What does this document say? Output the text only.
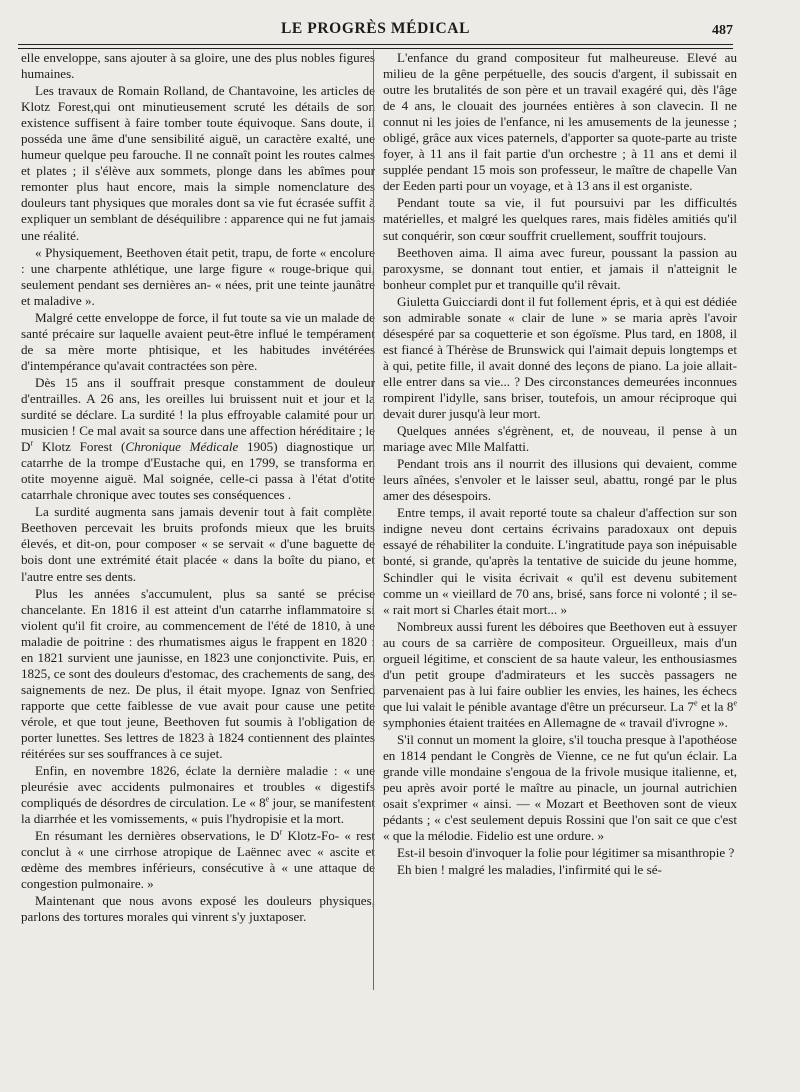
LE PROGRÈS MÉDICAL	487

elle enveloppe, sans ajouter à sa gloire, une des plus nobles figures humaines.

Les travaux de Romain Rolland, de Chantavoine, les articles de Klotz Forest,qui ont minutieusement scruté les détails de son existence suffisent à faire tomber toute équivoque. Sans doute, il posséda une âme d'une sensibilité aiguë, un caractère exalté, une humeur quelque peu farouche. Il ne connaît point les routes calmes et plates ; il s'élève aux sommets, plonge dans les abîmes pour remonter plus haut encore, mais la simple nomenclature des douleurs tant physiques que morales dont sa vie fut écrasée suffit à expliquer un semblant de déséquilibre : apparence qui ne fut jamais une réalité.

« Physiquement, Beethoven était petit, trapu, de forte « encolure : une charpente athlétique, une large figure « rouge-brique qui, seulement pendant ses dernières an- « nées, prit une teinte jaunâtre et maladive ».

Malgré cette enveloppe de force, il fut toute sa vie un malade de santé précaire sur laquelle avaient peut-être influé le tempérament de sa mère morte phtisique, et les habitudes invétérées d'intempérance qu'avait contractées son père.

Dès 15 ans il souffrait presque constamment de douleur d'entrailles. A 26 ans, les oreilles lui bruissent nuit et jour et la surdité se déclare. La surdité ! la plus effroyable calamité pour un musicien ! Ce mal avait sa source dans une affection héréditaire ; le $D^r$ Klotz Forest (Chronique Médicale 1905) diagnostique un catarrhe de la trompe d'Eustache qui, en 1799, se transforma en otite moyenne aiguë. Mal soignée, celle-ci passa à l'état d'otite catarrhale chronique avec toutes ses conséquences .

La surdité augmenta sans jamais devenir tout à fait complète. Beethoven percevait les bruits profonds mieux que les bruits élevés, et dit-on, pour composer « se servait « d'une baguette de bois dont une extrémité était placée « dans la boîte du piano, et l'autre entre ses dents.

Plus les années s'accumulent, plus sa santé se précise chancelante. En 1816 il est atteint d'un catarrhe inflammatoire si violent qu'il fit croire, au commencement de l'été de 1810, à une maladie de poitrine : des rhumatismes aigus le frappent en 1820 : en 1821 survient une jaunisse, en 1823 une conjonctivite. Puis, en 1825, ce sont des douleurs d'estomac, des crachements de sang, des saignements de nez. De plus, il était myope. Ignaz von Senfried rapporte que cette faiblesse de vue avait pour cause une petite vérole, et que tout jeune, Beethoven fut soumis à l'obligation de porter lunettes. Ses lettres de 1823 à 1824 contiennent des plaintes réitérées sur ses souffrances à ce sujet.

Enfin, en novembre 1826, éclate la dernière maladie : « une pleurésie avec accidents pulmonaires et troubles « digestifs compliqués de désordres de circulation. Le « 8e jour, se manifestent la diarrhée et les vomissements, « puis l'hydropisie et la mort.

En résumant les dernières observations, le $D^r$ Klotz-Fo- « rest conclut à « une cirrhose atropique de Laënnec avec « ascite et œdème des membres inférieurs, consécutive à « une attaque de congestion pulmonaire. »

Maintenant que nous avons exposé les douleurs physiques, parlons des tortures morales qui vinrent s'y juxtaposer.

L'enfance du grand compositeur fut malheureuse. Elevé au milieu de la gêne perpétuelle, des soucis d'argent, il subissait en outre les brutalités de son père et un travail exagéré qui, dès l'âge de 4 ans, le clouait des journées entières à son clavecin. Il ne connut ni les joies de l'enfance, ni les amusements de la jeunesse ; obligé, grâce aux vices paternels, d'apporter sa quote-parte au triste foyer, à 11 ans il fait partie d'un orchestre ; à 11 ans et demi il supplée pendant 15 mois son professeur, le maître de chapelle Van der Eeden parti pour un voyage, et à 13 ans il est organiste.

Pendant toute sa vie, il fut poursuivi par les difficultés matérielles, et malgré les quelques rares, mais fidèles amitiés qu'il sut conquérir, son cœur souffrit cruellement, souffrit toujours.

Beethoven aima. Il aima avec fureur, poussant la passion au paroxysme, se donnant tout entier, et jamais il n'atteignit le bonheur complet pur et tranquille qu'il rêvait.

Giuletta Guicciardi dont il fut follement épris, et à qui est dédiée son admirable sonate « clair de lune » se maria après l'avoir désespéré par sa coquetterie et son égoïsme. Plus tard, en 1808, il est fiancé à Thérèse de Brunswick qui l'aimait depuis longtemps et à qui, petite fille, il avait donné des leçons de piano. La joie allait-elle entrer dans sa vie... ? Des circonstances demeurées inconnues rompirent l'idylle, sans briser, toutefois, un amour réciproque qui devait durer jusqu'à leur mort.

Quelques années s'égrènent, et, de nouveau, il pense à un mariage avec Mlle Malfatti.

Pendant trois ans il nourrit des illusions qui devaient, comme leurs aînées, s'envoler et le laisser seul, abattu, rongé par le plus amer des désespoirs.

Entre temps, il avait reporté toute sa chaleur d'affection sur son indigne neveu dont certains écrivains paradoxaux ont depuis essayé de réhabiliter la conduite. L'ingratitude paya son inépuisable bonté, si grande, qu'après la tentative de suicide du jeune homme, Schindler qui le visita écrivait « qu'il est devenu subitement comme un « vieillard de 70 ans, brisé, sans force ni volonté ; il se- « rait mort si Charles était mort... »

Nombreux aussi furent les déboires que Beethoven eut à essuyer au cours de sa carrière de compositeur. Orgueilleux, mais d'un orgueil légitime, et conscient de sa haute valeur, les enthousiasmes d'un petit groupe d'admirateurs et les succès passagers ne parvenaient pas à lui faire oublier les envies, les haines, les échecs que lui valait le pénible avantage d'être un précurseur. La 7e et la 8e symphonies étaient traitées en Allemagne de « travail d'ivrogne ».

S'il connut un moment la gloire, s'il toucha presque à l'apothéose en 1814 pendant le Congrès de Vienne, ce ne fut qu'un éclair. La grande ville mondaine s'engoua de la frivole musique italienne, et, peu après avoir porté le maître au pinacle, un journal autrichien osait s'exprimer « ainsi. — « Mozart et Beethoven sont de vieux pédants ; « c'est seulement depuis Rossini que l'on sait ce que c'est « que la mélodie. Fidelio est une ordure. »

Est-il besoin d'invoquer la folie pour légitimer sa misanthropie ?

Eh bien ! malgré les maladies, l'infirmité qui le sé-
